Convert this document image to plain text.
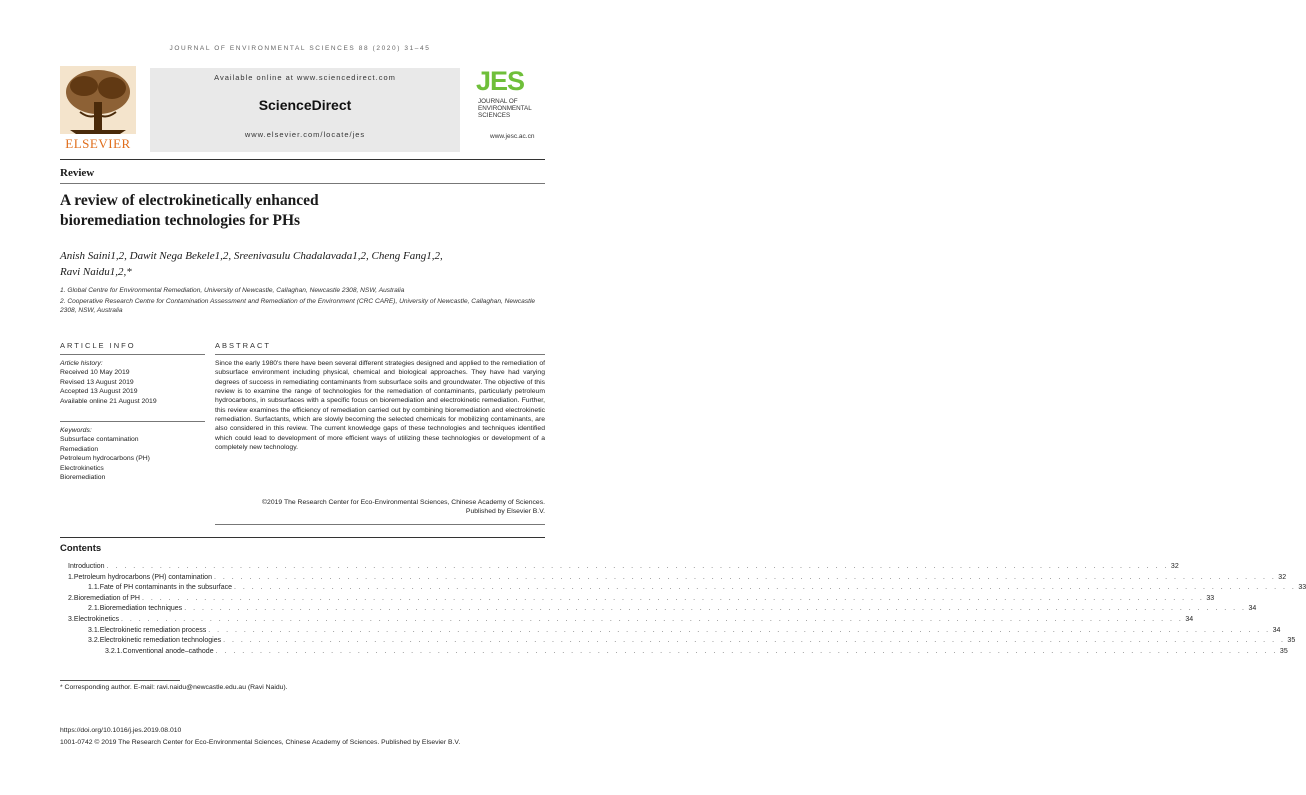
JOURNAL OF ENVIRONMENTAL SCIENCES 88 (2020) 31–45
ELSEVIER
Available online at www.sciencedirect.com
ScienceDirect
www.elsevier.com/locate/jes
JES
JOURNAL OF
ENVIRONMENTAL
SCIENCES
www.jesc.ac.cn
Review
A review of electrokinetically enhanced
bioremediation technologies for PHs
Anish Saini1,2, Dawit Nega Bekele1,2, Sreenivasulu Chadalavada1,2, Cheng Fang1,2,
Ravi Naidu1,2,*
1. Global Centre for Environmental Remediation, University of Newcastle, Callaghan, Newcastle 2308, NSW, Australia
2. Cooperative Research Centre for Contamination Assessment and Remediation of the Environment (CRC CARE), University of Newcastle, Callaghan, Newcastle 2308, NSW, Australia
ARTICLE INFO	ABSTRACT
Article history:
Received 10 May 2019
Revised 13 August 2019
Accepted 13 August 2019
Available online 21 August 2019
Keywords:
Subsurface contamination
Remediation
Petroleum hydrocarbons (PH)
Electrokinetics
Bioremediation
Since the early 1980's there have been several different strategies designed and applied to the remediation of subsurface environment including physical, chemical and biological approaches. They have had varying degrees of success in remediating contaminants from subsurface soils and groundwater. The objective of this review is to examine the range of technologies for the remediation of contaminants, particularly petroleum hydrocarbons, in subsurfaces with a specific focus on bioremediation and electrokinetic remediation. Further, this review examines the efficiency of remediation carried out by combining bioremediation and electrokinetic remediation. Surfactants, which are slowly becoming the selected chemicals for mobilizing contaminants, are also considered in this review. The current knowledge gaps of these technologies and techniques identified which could lead to development of more efficient ways of utilizing these technologies or development of a completely new technology.
©2019 The Research Center for Eco-Environmental Sciences, Chinese Academy of Sciences.
Published by Elsevier B.V.
Contents
Introduction . . . . . . . . . . . . . . . . . . . . . . . . . . . . . . . . . . . . . . . . . . . . . . . . . . . . . . . . . . . . . . . . . . . . . . . . . . . . . . . . . . . . . . . . . . . . . . . . . . . . . . . . . . . . . . . . . . . . . . . . 32
1. Petroleum hydrocarbons (PH) contamination . . . . . . . . . . . . . . . . . . . . . . . . . . . . . . . . . . . . . . . . . . . . . . . . . . . . . . . . . . . . . . . . . . . . . . . . . . . . . . . . . . . . . . . . . . . . . . . . . . . . . . . . . . . . . . . . . . . . . . . . 32
1.1. Fate of PH contaminants in the subsurface . . . . . . . . . . . . . . . . . . . . . . . . . . . . . . . . . . . . . . . . . . . . . . . . . . . . . . . . . . . . . . . . . . . . . . . . . . . . . . . . . . . . . . . . . . . . . . . . . . . . . . . . . . . . . . . . . . . . . . . . 33
2. Bioremediation of PH . . . . . . . . . . . . . . . . . . . . . . . . . . . . . . . . . . . . . . . . . . . . . . . . . . . . . . . . . . . . . . . . . . . . . . . . . . . . . . . . . . . . . . . . . . . . . . . . . . . . . . . . . . . . . . . . . . . . . . . . 33
2.1. Bioremediation techniques . . . . . . . . . . . . . . . . . . . . . . . . . . . . . . . . . . . . . . . . . . . . . . . . . . . . . . . . . . . . . . . . . . . . . . . . . . . . . . . . . . . . . . . . . . . . . . . . . . . . . . . . . . . . . . . . . . . . . . . . 34
3. Electrokinetics . . . . . . . . . . . . . . . . . . . . . . . . . . . . . . . . . . . . . . . . . . . . . . . . . . . . . . . . . . . . . . . . . . . . . . . . . . . . . . . . . . . . . . . . . . . . . . . . . . . . . . . . . . . . . . . . . . . . . . . . 34
3.1. Electrokinetic remediation process . . . . . . . . . . . . . . . . . . . . . . . . . . . . . . . . . . . . . . . . . . . . . . . . . . . . . . . . . . . . . . . . . . . . . . . . . . . . . . . . . . . . . . . . . . . . . . . . . . . . . . . . . . . . . . . . . . . . . . . . 34
3.2. Electrokinetic remediation technologies . . . . . . . . . . . . . . . . . . . . . . . . . . . . . . . . . . . . . . . . . . . . . . . . . . . . . . . . . . . . . . . . . . . . . . . . . . . . . . . . . . . . . . . . . . . . . . . . . . . . . . . . . . . . . . . . . . . . . . . . 35
3.2.1. Conventional anode–cathode . . . . . . . . . . . . . . . . . . . . . . . . . . . . . . . . . . . . . . . . . . . . . . . . . . . . . . . . . . . . . . . . . . . . . . . . . . . . . . . . . . . . . . . . . . . . . . . . . . . . . . . . . . . . . . . . . . . . . . . . 35
* Corresponding author. E-mail: ravi.naidu@newcastle.edu.au (Ravi Naidu).
https://doi.org/10.1016/j.jes.2019.08.010
1001-0742 © 2019 The Research Center for Eco-Environmental Sciences, Chinese Academy of Sciences. Published by Elsevier B.V.
